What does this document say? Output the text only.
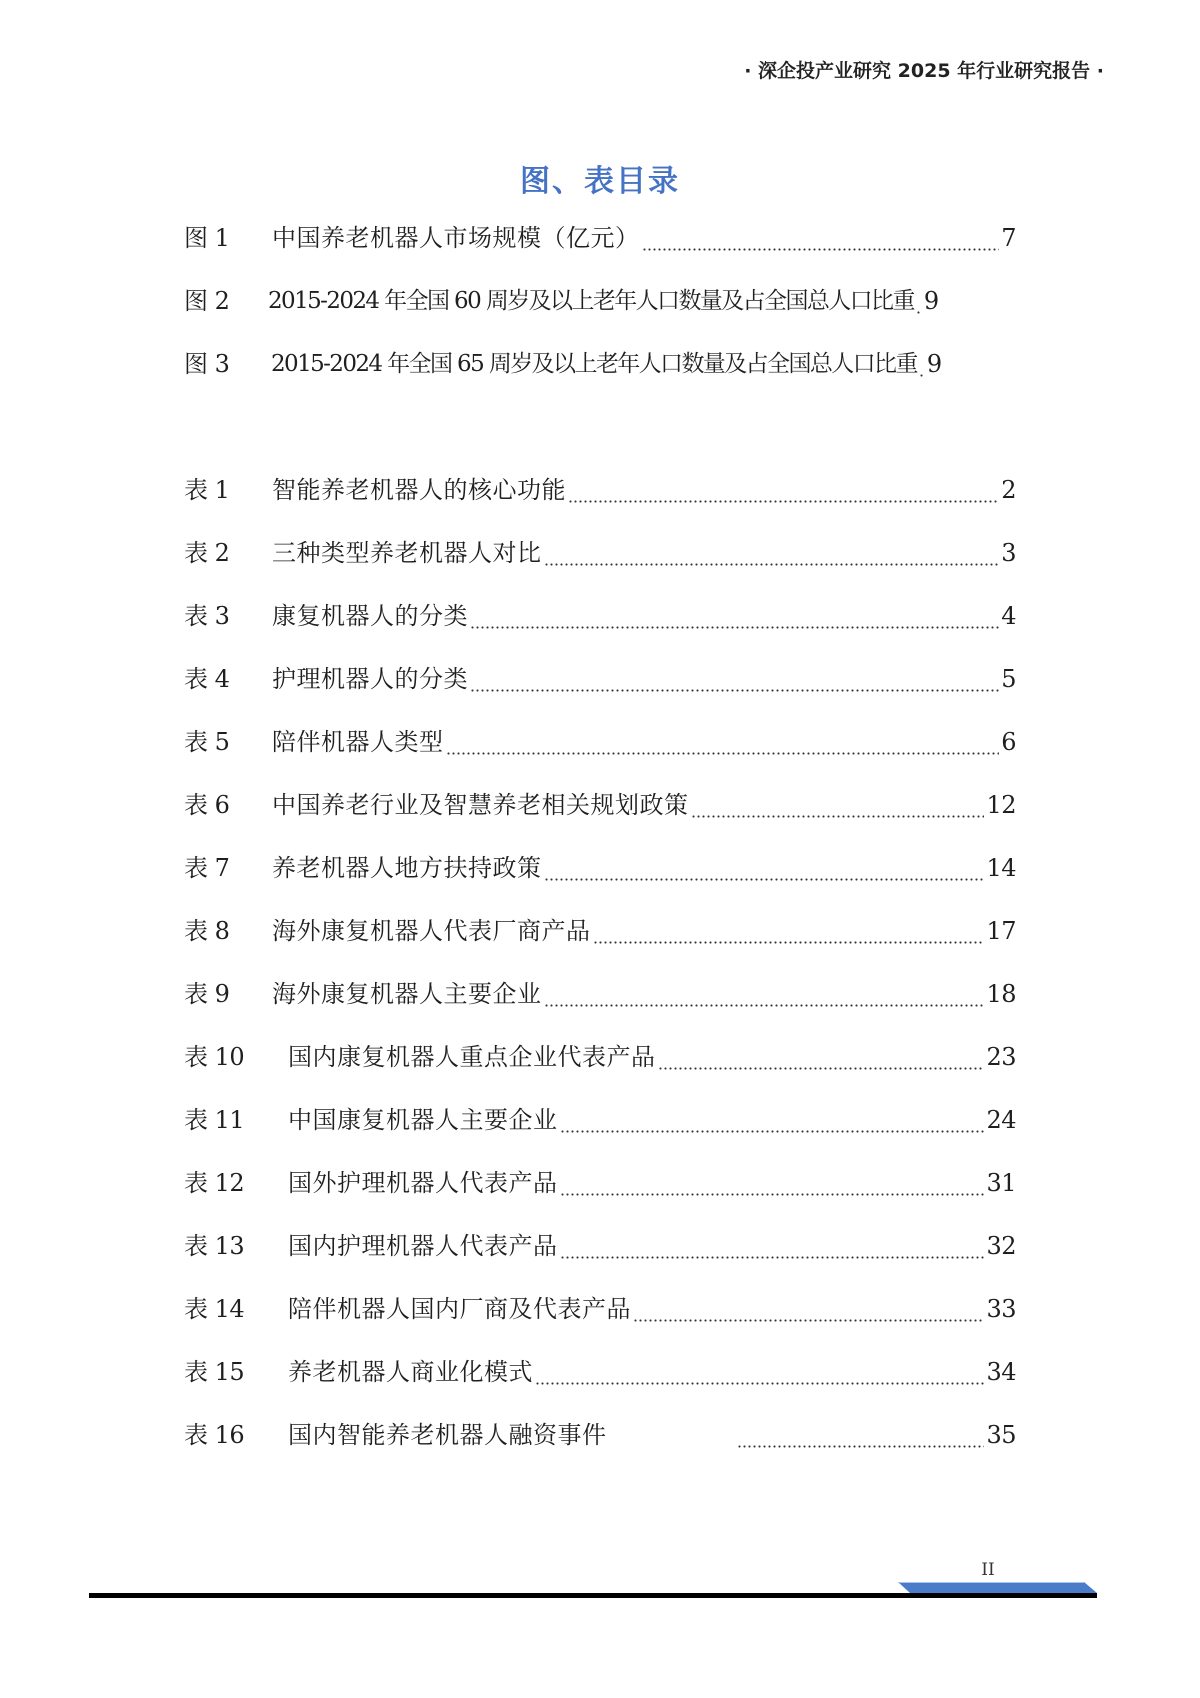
· 深企投产业研究 2025 年行业研究报告 ·
图、表目录
图 1	中国养老机器人市场规模（亿元）	7
图 2	2015-2024 年全国 60 周岁及以上老年人口数量及占全国总人口比重 9
图 3	2015-2024 年全国 65 周岁及以上老年人口数量及占全国总人口比重 9
表 1	智能养老机器人的核心功能	2
表 2	三种类型养老机器人对比	3
表 3	康复机器人的分类	4
表 4	护理机器人的分类	5
表 5	陪伴机器人类型	6
表 6	中国养老行业及智慧养老相关规划政策	12
表 7	养老机器人地方扶持政策	14
表 8	海外康复机器人代表厂商产品	17
表 9	海外康复机器人主要企业	18
表 10	国内康复机器人重点企业代表产品	23
表 11	中国康复机器人主要企业	24
表 12	国外护理机器人代表产品	31
表 13	国内护理机器人代表产品	32
表 14	陪伴机器人国内厂商及代表产品	33
表 15	养老机器人商业化模式	34
表 16	国内智能养老机器人融资事件	35
II
